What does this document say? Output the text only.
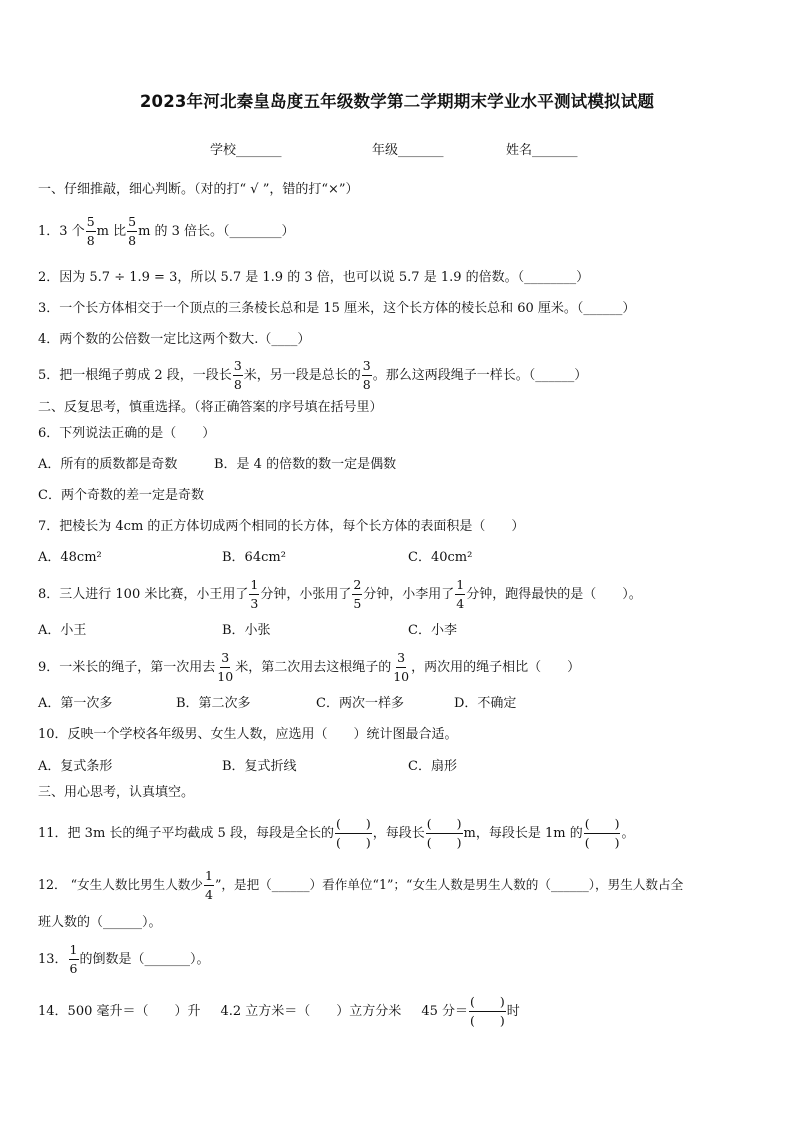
2023年河北秦皇岛度五年级数学第二学期期末学业水平测试模拟试题
学校_______	年级_______	姓名_______
一、仔细推敲，细心判断。（对的打“ √ ”，错的打“×”）
1．3 个 $\frac{5}{8}$ m 比 $\frac{5}{8}$ m 的 3 倍长。（________）
2．因为 5.7 ÷ 1.9 = 3，所以 5.7 是 1.9 的 3 倍，也可以说 5.7 是 1.9 的倍数。（________）
3．一个长方体相交于一个顶点的三条棱长总和是 15 厘米，这个长方体的棱长总和 60 厘米。（______）
4．两个数的公倍数一定比这两个数大.（____）
5．把一根绳子剪成 2 段，一段长 $\frac{3}{8}$ 米，另一段是总长的 $\frac{3}{8}$ 。那么这两段绳子一样长。（______）
二、反复思考，慎重选择。（将正确答案的序号填在括号里）
6．下列说法正确的是（　　）
A．所有的质数都是奇数	B．是 4 的倍数的数一定是偶数
C．两个奇数的差一定是奇数
7．把棱长为 4cm 的正方体切成两个相同的长方体，每个长方体的表面积是（　　）
A．48cm²	B．64cm²	C．40cm²
8．三人进行 100 米比赛，小王用了 $\frac{1}{3}$ 分钟，小张用了 $\frac{2}{5}$ 分钟，小李用了 $\frac{1}{4}$ 分钟，跑得最快的是（　　）。
A．小王	B．小张	C．小李
9．一米长的绳子，第一次用去 $\frac{3}{10}$ 米，第二次用去这根绳子的 $\frac{3}{10}$ ，两次用的绳子相比（　　）
A．第一次多	B．第二次多	C．两次一样多	D．不确定
10．反映一个学校各年级男、女生人数，应选用（　　）统计图最合适。
A．复式条形	B．复式折线	C．扇形
三、用心思考，认真填空。
11．把 3m 长的绳子平均截成 5 段，每段是全长的 $\frac{( )}{( )}$ ，每段长 $\frac{( )}{( )}$ m，每段长是 1m 的 $\frac{( )}{( )}$ 。
12． “女生人数比男生人数少 $\frac{1}{4}$ ”，是把（______）看作单位“1”；“女生人数是男生人数的（______），男生人数占全
班人数的（______）。
13． $\frac{1}{6}$ 的倒数是（_______）。
14．500 毫升＝（　　）升 4.2 立方米＝（　　）立方分米 45 分＝ $\frac{( )}{( )}$ 时
